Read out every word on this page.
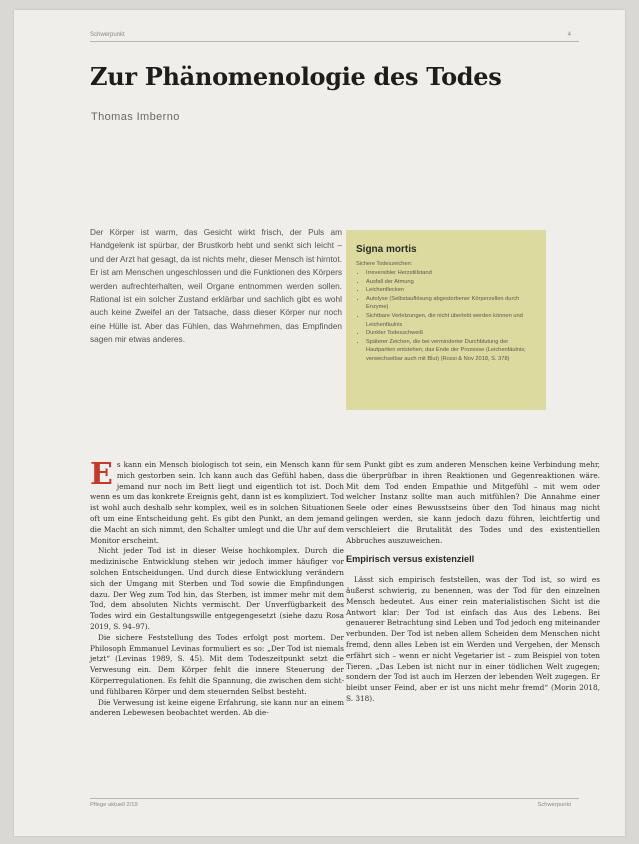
Schwerpunkt	4
Zur Phänomenologie des Todes
Thomas Imberno

Der Körper ist warm, das Gesicht wirkt frisch, der Puls am Handgelenk ist spürbar, der Brustkorb hebt und senkt sich leicht – und der Arzt hat gesagt, da ist nichts mehr, dieser Mensch ist hirntot. Er ist am Menschen ungeschlossen und die Funktionen des Körpers werden aufrechterhalten, weil Organe entnommen werden sollen. Rational ist ein solcher Zustand erklärbar und sachlich gibt es wohl auch keine Zweifel an der Tatsache, dass dieser Körper nur noch eine Hülle ist. Aber das Fühlen, das Wahrnehmen, das Empfinden sagen mir etwas anderes.

Signa mortis
Sichere Todeszeichen:
• Irreversibler Herzstillstand
• Ausfall der Atmung
• Leichenflecken
• Autolyse (Selbstauflösung abgestorbener Körperzellen durch Enzyme)
• Sichtbare Verletzungen, die nicht überlebt werden können und Leichenfäulnis
• Dunkler Todesschweiß
• Späterer Zeichen, die bei verminderter Durchblutung der Hautpartien entstehen; das Ende der Prozesse (Leichenfäulnis; verwechselbar auch mit Blut) (Rossi & Nov 2018, S. 378)

Es kann ein Mensch biologisch tot sein, ein Mensch kann für mich gestorben sein. Ich kann auch das Gefühl haben, dass jemand nur noch im Bett liegt und eigentlich tot ist. Doch wenn es um das konkrete Ereignis geht, dann ist es kompliziert. Tod ist wohl auch deshalb sehr komplex, weil es in solchen Situationen oft um eine Entscheidung geht. Es gibt den Punkt, an dem jemand die Macht an sich nimmt, den Schalter umlegt und die Uhr auf dem Monitor erscheint.

Nicht jeder Tod ist in dieser Weise hochkomplex. Durch die medizinische Entwicklung stehen wir jedoch immer häufiger vor solchen Entscheidungen. Und durch diese Entwicklung verändern sich der Umgang mit Sterben und Tod sowie die Empfindungen dazu. Der Weg zum Tod hin, das Sterben, ist immer mehr mit dem Tod, dem absoluten Nichts vermischt. Der Unverfügbarkeit des Todes wird ein Gestaltungswille entgegengesetzt (siehe dazu Rosa 2019, S. 94–97).

Die sichere Feststellung des Todes erfolgt post mortem. Der Philosoph Emmanuel Levinas formuliert es so: „Der Tod ist niemals jetzt“ (Levinas 1989, S. 45). Mit dem Todeszeitpunkt setzt die Verwesung ein. Dem Körper fehlt die innere Steuerung der Körperregulationen. Es fehlt die Spannung, die zwischen dem sicht- und fühlbaren Körper und dem steuernden Selbst besteht.

Die Verwesung ist keine eigene Erfahrung, sie kann nur an einem anderen Lebewesen beobachtet werden. Ab die-

sem Punkt gibt es zum anderen Menschen keine Verbindung mehr, die überprüfbar in ihren Reaktionen und Gegenreaktionen wäre. Mit dem Tod enden Empathie und Mitgefühl – mit wem oder welcher Instanz sollte man auch mitfühlen? Die Annahme einer Seele oder eines Bewusstseins über den Tod hinaus mag nicht gelingen werden, sie kann jedoch dazu führen, leichtfertig und verschleiert die Brutalität des Todes und des existentiellen Abbruches auszuweichen.

Empirisch versus existenziell

Lässt sich empirisch feststellen, was der Tod ist, so wird es äußerst schwierig, zu benennen, was der Tod für den einzelnen Mensch bedeutet. Aus einer rein materialistischen Sicht ist die Antwort klar: Der Tod ist einfach das Aus des Lebens. Bei genauerer Betrachtung sind Leben und Tod jedoch eng miteinander verbunden. Der Tod ist neben allem Scheiden dem Menschen nicht fremd, denn alles Leben ist ein Werden und Vergehen, der Mensch erfährt sich – wenn er nicht Vegetarier ist – zum Beispiel von toten Tieren. „Das Leben ist nicht nur in einer tödlichen Welt zugegen; sondern der Tod ist auch im Herzen der lebenden Welt zugegen. Er bleibt unser Feind, aber er ist uns nicht mehr fremd“ (Morin 2018, S. 318).

Pflege aktuell 2/19	Schwerpunkt
